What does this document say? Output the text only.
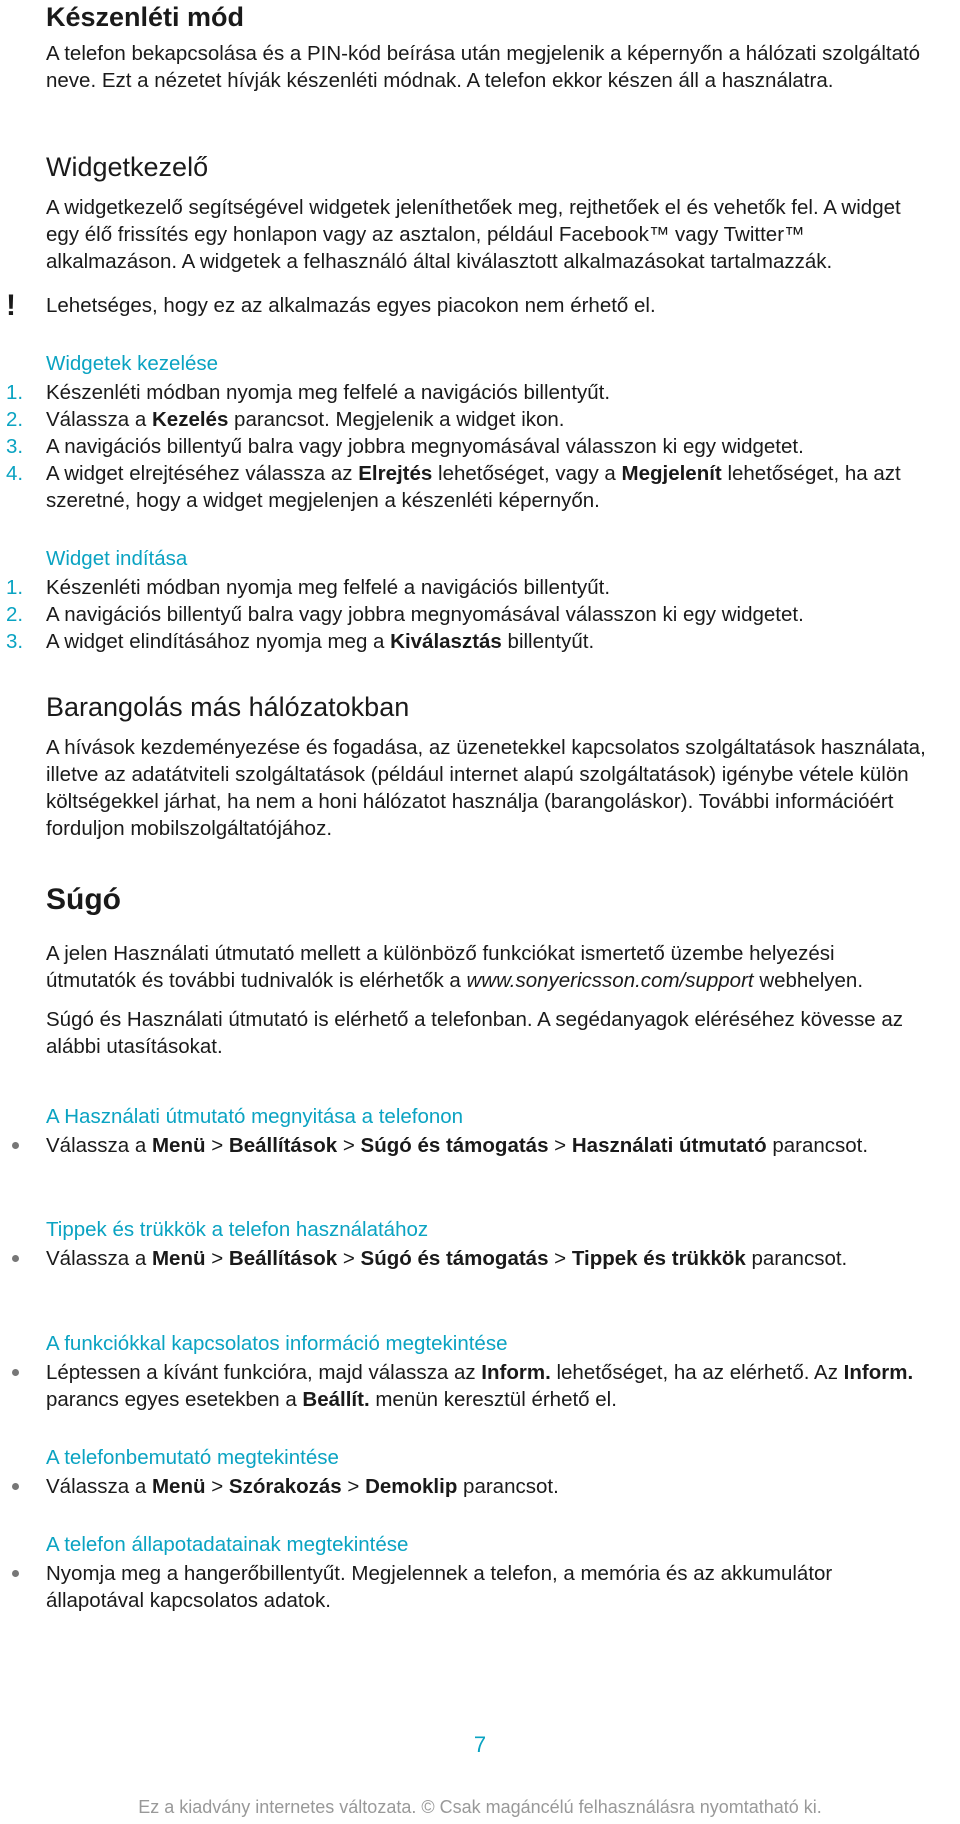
Készenléti mód

A telefon bekapcsolása és a PIN-kód beírása után megjelenik a képernyőn a hálózati szolgáltató neve. Ezt a nézetet hívják készenléti módnak. A telefon ekkor készen áll a használatra.

Widgetkezelő

A widgetkezelő segítségével widgetek jeleníthetőek meg, rejthetőek el és vehetők fel. A widget egy élő frissítés egy honlapon vagy az asztalon, például Facebook™ vagy Twitter™ alkalmazáson. A widgetek a felhasználó által kiválasztott alkalmazásokat tartalmazzák.

! Lehetséges, hogy ez az alkalmazás egyes piacokon nem érhető el.

Widgetek kezelése
1. Készenléti módban nyomja meg felfelé a navigációs billentyűt.
2. Válassza a Kezelés parancsot. Megjelenik a widget ikon.
3. A navigációs billentyű balra vagy jobbra megnyomásával válasszon ki egy widgetet.
4. A widget elrejtéséhez válassza az Elrejtés lehetőséget, vagy a Megjelenít lehetőséget, ha azt szeretné, hogy a widget megjelenjen a készenléti képernyőn.
Widget indítása
1. Készenléti módban nyomja meg felfelé a navigációs billentyűt.
2. A navigációs billentyű balra vagy jobbra megnyomásával válasszon ki egy widgetet.
3. A widget elindításához nyomja meg a Kiválasztás billentyűt.
Barangolás más hálózatokban

A hívások kezdeményezése és fogadása, az üzenetekkel kapcsolatos szolgáltatások használata, illetve az adatátviteli szolgáltatások (például internet alapú szolgáltatások) igénybe vétele külön költségekkel járhat, ha nem a honi hálózatot használja (barangoláskor). További információért forduljon mobilszolgáltatójához.

Súgó

A jelen Használati útmutató mellett a különböző funkciókat ismertető üzembe helyezési útmutatók és további tudnivalók is elérhetők a www.sonyericsson.com/support webhelyen.

Súgó és Használati útmutató is elérhető a telefonban. A segédanyagok eléréséhez kövesse az alábbi utasításokat.

A Használati útmutató megnyitása a telefonon
Válassza a Menü > Beállítások > Súgó és támogatás > Használati útmutató parancsot.
Tippek és trükkök a telefon használatához
Válassza a Menü > Beállítások > Súgó és támogatás > Tippek és trükkök parancsot.
A funkciókkal kapcsolatos információ megtekintése
Léptessen a kívánt funkcióra, majd válassza az Inform. lehetőséget, ha az elérhető. Az Inform. parancs egyes esetekben a Beállít. menün keresztül érhető el.
A telefonbemutató megtekintése
Válassza a Menü > Szórakozás > Demoklip parancsot.
A telefon állapotadatainak megtekintése
Nyomja meg a hangerőbillentyűt. Megjelennek a telefon, a memória és az akkumulátor állapotával kapcsolatos adatok.
7
Ez a kiadvány internetes változata. © Csak magáncélú felhasználásra nyomtatható ki.
